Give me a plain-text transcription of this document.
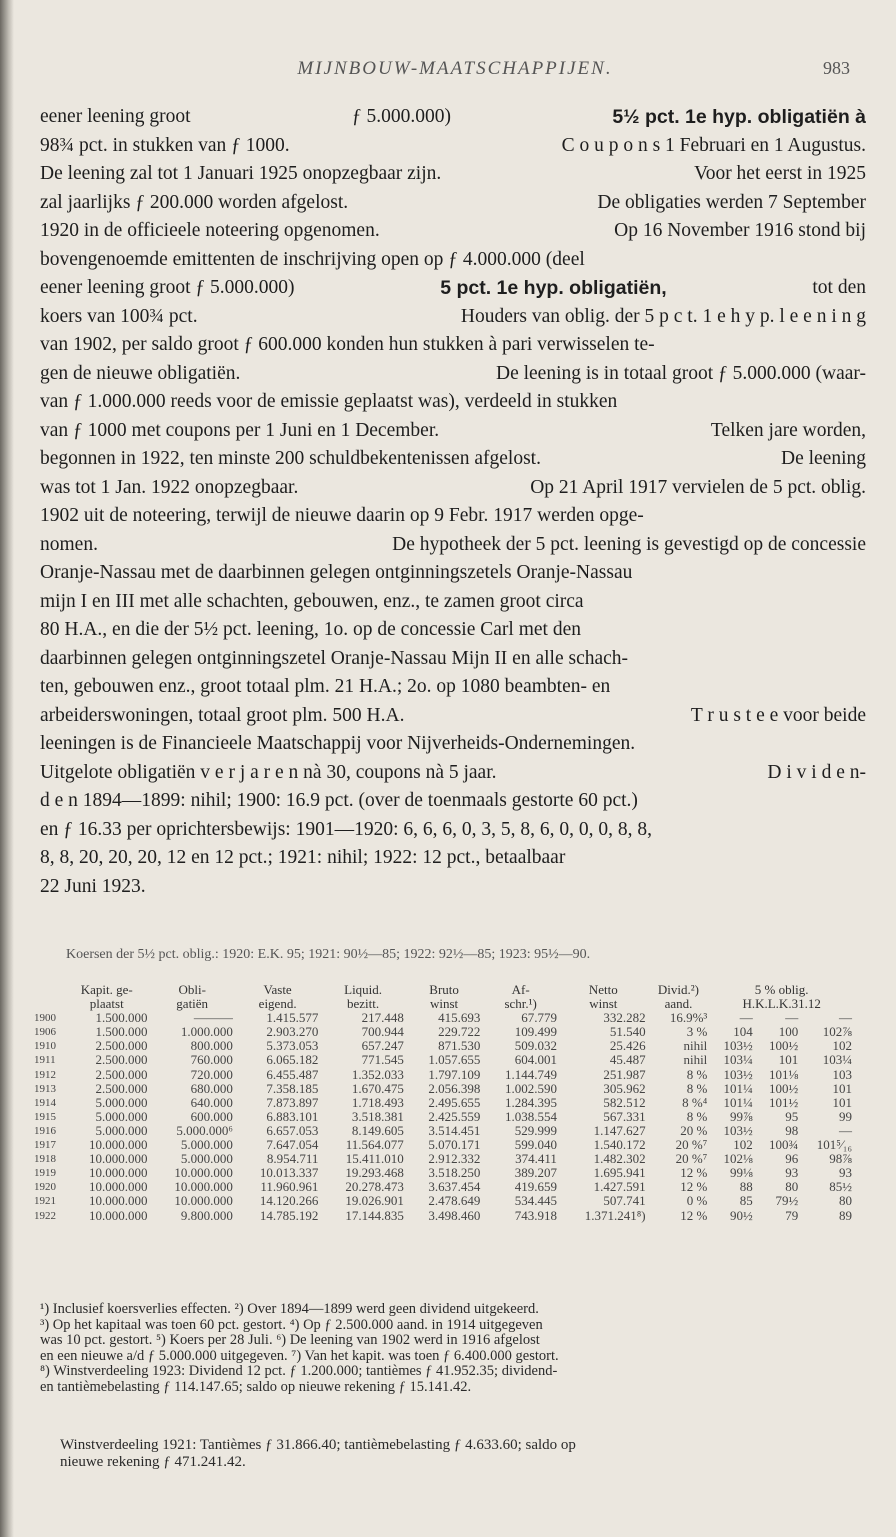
MIJNBOUW-MAATSCHAPPIJEN.	983
eener leening groot	ƒ 5.000.000)	5½ pct. 1e hyp. obligatiën à
98¾ pct. in stukken van ƒ 1000.	C o u p o n s 1 Februari en 1 Augustus.
De leening zal tot 1 Januari 1925 onopzegbaar zijn.	Voor het eerst in 1925
zal jaarlijks ƒ 200.000 worden afgelost.	De obligaties werden 7 September
1920 in de officieele noteering opgenomen.	Op 16 November 1916 stond bij
bovengenoemde emittenten de inschrijving open op ƒ 4.000.000 (deel
eener leening groot ƒ 5.000.000)	5 pct. 1e hyp. obligatiën,	tot den
koers van 100¾ pct.	Houders van oblig. der 5 p c t. 1 e h y p. l e e n i n g
van 1902, per saldo groot ƒ 600.000 konden hun stukken à pari verwisselen te-
gen de nieuwe obligatiën.	De leening is in totaal groot ƒ 5.000.000 (waar-
van ƒ 1.000.000 reeds voor de emissie geplaatst was), verdeeld in stukken
van ƒ 1000 met coupons per 1 Juni en 1 December.	Telken jare worden,
begonnen in 1922, ten minste 200 schuldbekentenissen afgelost.	De leening
was tot 1 Jan. 1922 onopzegbaar.	Op 21 April 1917 vervielen de 5 pct. oblig.
1902 uit de noteering, terwijl de nieuwe daarin op 9 Febr. 1917 werden opge-
nomen.	De hypotheek der 5 pct. leening is gevestigd op de concessie
Oranje-Nassau met de daarbinnen gelegen ontginningszetels Oranje-Nassau
mijn I en III met alle schachten, gebouwen, enz., te zamen groot circa
80 H.A., en die der 5½ pct. leening, 1o. op de concessie Carl met den
daarbinnen gelegen ontginningszetel Oranje-Nassau Mijn II en alle schach-
ten, gebouwen enz., groot totaal plm. 21 H.A.; 2o. op 1080 beambten- en
arbeiderswoningen, totaal groot plm. 500 H.A.	T r u s t e e voor beide
leeningen is de Financieele Maatschappij voor Nijverheids-Ondernemingen.
Uitgelote obligatiën v e r j a r e n nà 30, coupons nà 5 jaar.	D i v i d e n-
d e n 1894—1899: nihil; 1900: 16.9 pct. (over de toenmaals gestorte 60 pct.)
en ƒ 16.33 per oprichtersbewijs: 1901—1920: 6, 6, 6, 0, 3, 5, 8, 6, 0, 0, 0, 8, 8,
8, 8, 20, 20, 20, 12 en 12 pct.; 1921: nihil; 1922: 12 pct., betaalbaar
22 Juni 1923.
Koersen der 5½ pct. oblig.: 1920: E.K. 95; 1921: 90½—85; 1922: 92½—85; 1923: 95½—90.
	Kapit. ge-	Obli-	Vaste	Liquid.	Bruto	Af-	Netto	Divid.²)	5 % oblig.		
	plaatst	gatiën	eigend.	bezitt.	winst	schr.¹)	winst	aand.	H.K.L.K.31.12		
1900	1.500.000	———	1.415.577	217.448	415.693	67.779	332.282	16.9%³	—	—	—
1906	1.500.000	1.000.000	2.903.270	700.944	229.722	109.499	51.540	3 %	104	100	102⅞
1910	2.500.000	800.000	5.373.053	657.247	871.530	509.032	25.426	nihil	103½	100½	102
1911	2.500.000	760.000	6.065.182	771.545	1.057.655	604.001	45.487	nihil	103¼	101	103¼
1912	2.500.000	720.000	6.455.487	1.352.033	1.797.109	1.144.749	251.987	8 %	103½	101⅛	103
1913	2.500.000	680.000	7.358.185	1.670.475	2.056.398	1.002.590	305.962	8 %	101¼	100½	101
1914	5.000.000	640.000	7.873.897	1.718.493	2.495.655	1.284.395	582.512	8 %⁴	101¼	101½	101
1915	5.000.000	600.000	6.883.101	3.518.381	2.425.559	1.038.554	567.331	8 %	99⅞	95	99
1916	5.000.000	5.000.000⁶	6.657.053	8.149.605	3.514.451	529.999	1.147.627	20 %	103½	98	—
1917	10.000.000	5.000.000	7.647.054	11.564.077	5.070.171	599.040	1.540.172	20 %⁷	102	100¾	101⁵⁄₁₆
1918	10.000.000	5.000.000	8.954.711	15.411.010	2.912.332	374.411	1.482.302	20 %⁷	102⅛	96	98⅞
1919	10.000.000	10.000.000	10.013.337	19.293.468	3.518.250	389.207	1.695.941	12 %	99⅛	93	93
1920	10.000.000	10.000.000	11.960.961	20.278.473	3.637.454	419.659	1.427.591	12 %	88	80	85½
1921	10.000.000	10.000.000	14.120.266	19.026.901	2.478.649	534.445	507.741	0 %	85	79½	80
1922	10.000.000	9.800.000	14.785.192	17.144.835	3.498.460	743.918	1.371.241⁸)	12 %	90½	79	89
¹) Inclusief koersverlies effecten. ²) Over 1894—1899 werd geen dividend uitgekeerd.
³) Op het kapitaal was toen 60 pct. gestort. ⁴) Op ƒ 2.500.000 aand. in 1914 uitgegeven
was 10 pct. gestort. ⁵) Koers per 28 Juli. ⁶) De leening van 1902 werd in 1916 afgelost
en een nieuwe a/d ƒ 5.000.000 uitgegeven. ⁷) Van het kapit. was toen ƒ 6.400.000 gestort.
⁸) Winstverdeeling 1923: Dividend 12 pct. ƒ 1.200.000; tantièmes ƒ 41.952.35; dividend-
en tantièmebelasting ƒ 114.147.65; saldo op nieuwe rekening ƒ 15.141.42.
Winstverdeeling 1921: Tantièmes ƒ 31.866.40; tantièmebelasting ƒ 4.633.60; saldo op
nieuwe rekening ƒ 471.241.42.
